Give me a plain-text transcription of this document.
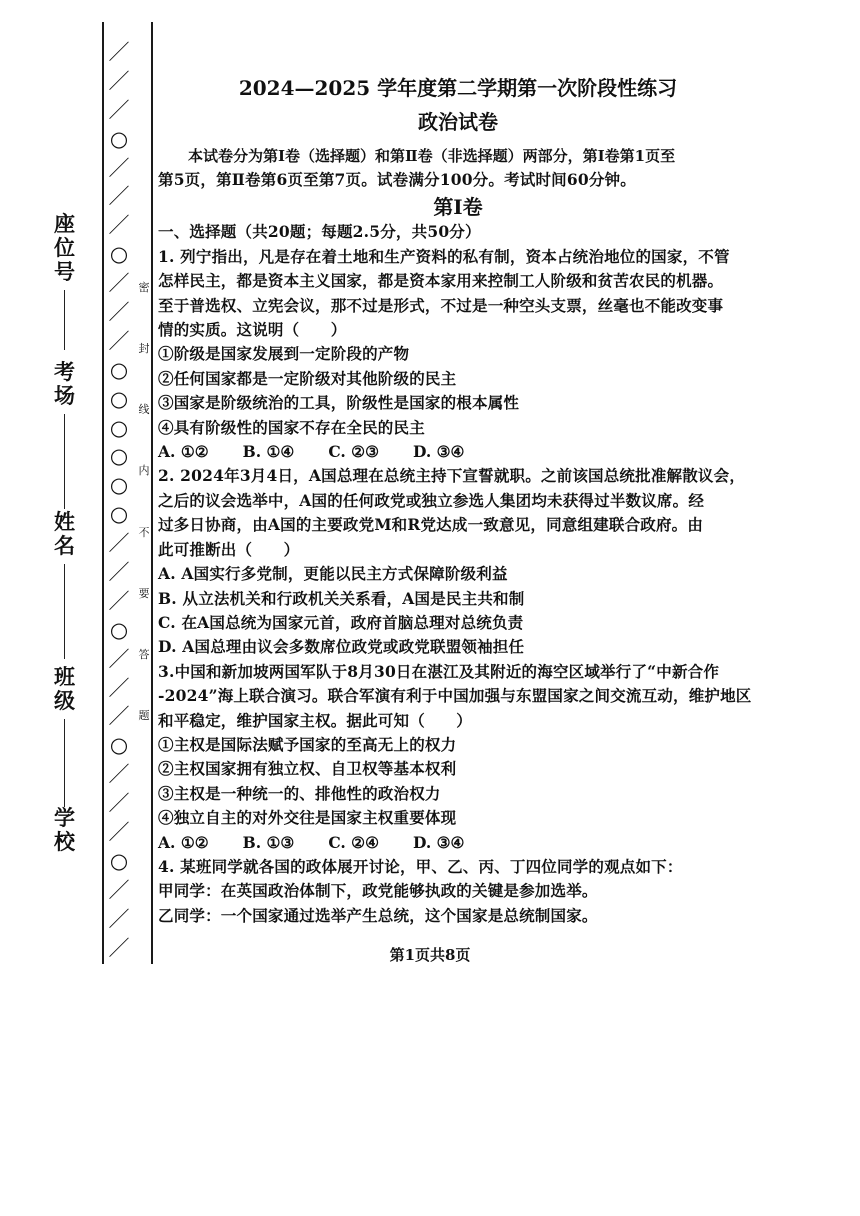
／
／
／
○
／
／
／
○
／
／
／
○
○
○
○
○
○
／
／
／
○
／
／
／
○
／
／
／
○
／
／
／
密
封
线
内
不
要
答
题
座
位
号
考
场
姓
名
班
级
学
校

2024—2025 学年度第二学期第一次阶段性练习

政治试卷

本试卷分为第Ⅰ卷（选择题）和第Ⅱ卷（非选择题）两部分，第Ⅰ卷第1页至

第5页，第Ⅱ卷第6页至第7页。试卷满分100分。考试时间60分钟。

第Ⅰ卷

一、选择题（共20题；每题2.5分，共50分）

1. 列宁指出，凡是存在着土地和生产资料的私有制，资本占统治地位的国家，不管

怎样民主，都是资本主义国家，都是资本家用来控制工人阶级和贫苦农民的机器。

至于普选权、立宪会议，那不过是形式，不过是一种空头支票，丝毫也不能改变事

情的实质。这说明（　　）

①阶级是国家发展到一定阶段的产物

②任何国家都是一定阶级对其他阶级的民主

③国家是阶级统治的工具，阶级性是国家的根本属性

④具有阶级性的国家不存在全民的民主

A. ①② B. ①④ C. ②③ D. ③④

2. 2024年3月4日，A国总理在总统主持下宣誓就职。之前该国总统批准解散议会，

之后的议会选举中，A国的任何政党或独立参选人集团均未获得过半数议席。经

过多日协商，由A国的主要政党M和R党达成一致意见，同意组建联合政府。由

此可推断出（　　）

A. A国实行多党制，更能以民主方式保障阶级利益

B. 从立法机关和行政机关关系看，A国是民主共和制

C. 在A国总统为国家元首，政府首脑总理对总统负责

D. A国总理由议会多数席位政党或政党联盟领袖担任

3.中国和新加坡两国军队于8月30日在湛江及其附近的海空区域举行了“中新合作

-2024”海上联合演习。联合军演有利于中国加强与东盟国家之间交流互动，维护地区

和平稳定，维护国家主权。据此可知（　　）

①主权是国际法赋予国家的至高无上的权力

②主权国家拥有独立权、自卫权等基本权利

③主权是一种统一的、排他性的政治权力

④独立自主的对外交往是国家主权重要体现

A. ①② B. ①③ C. ②④ D. ③④

4. 某班同学就各国的政体展开讨论，甲、乙、丙、丁四位同学的观点如下：

甲同学：在英国政治体制下，政党能够执政的关键是参加选举。

乙同学：一个国家通过选举产生总统，这个国家是总统制国家。

第1页共8页
